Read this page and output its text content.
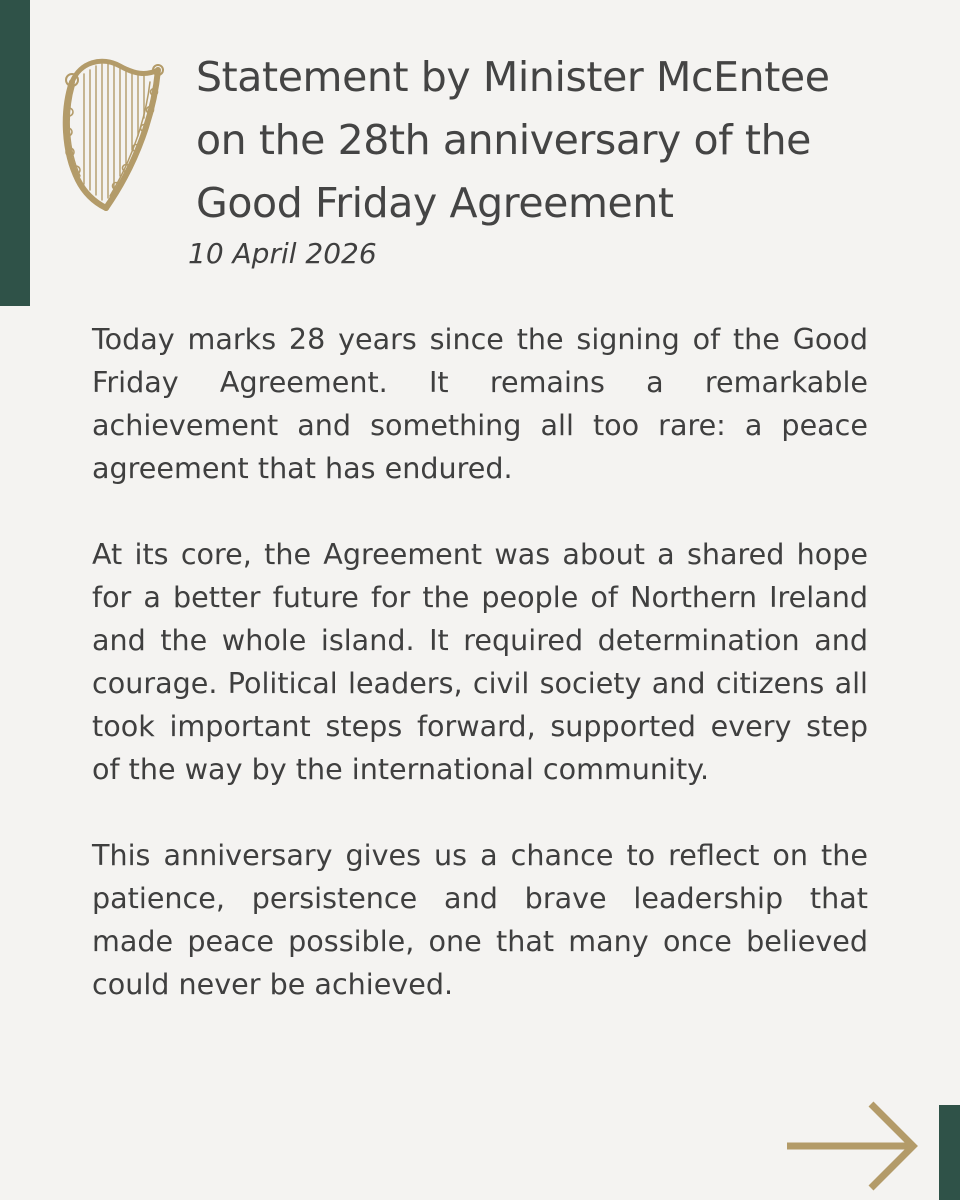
Statement by Minister McEntee
on the 28th anniversary of the
Good Friday Agreement
10 April 2026

Today marks 28 years since the signing of the Good Friday Agreement. It remains a remarkable achievement and something all too rare: a peace agreement that has endured.

At its core, the Agreement was about a shared hope for a better future for the people of Northern Ireland and the whole island. It required determination and courage. Political leaders, civil society and citizens all took important steps forward, supported every step of the way by the international community.

This anniversary gives us a chance to reflect on the patience, persistence and brave leadership that made peace possible, one that many once believed could never be achieved.
